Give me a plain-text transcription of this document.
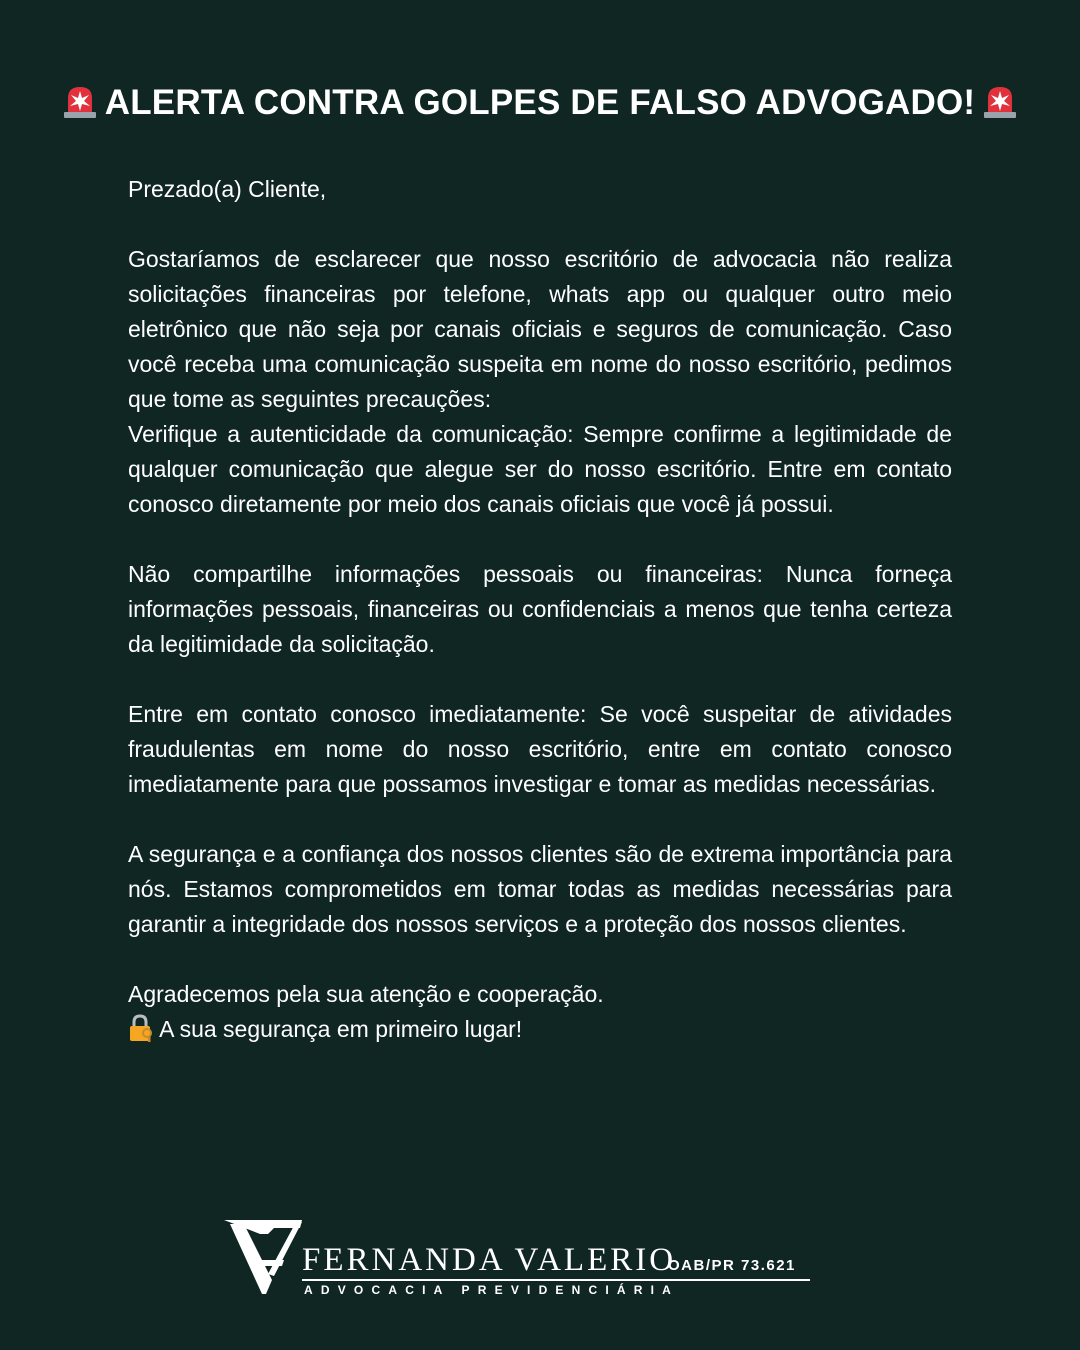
ALERTA CONTRA GOLPES DE FALSO ADVOGADO!

Prezado(a) Cliente,

Gostaríamos de esclarecer que nosso escritório de advocacia não realiza solicitações financeiras por telefone, whats app ou qualquer outro meio eletrônico que não seja por canais oficiais e seguros de comunicação. Caso você receba uma comunicação suspeita em nome do nosso escritório, pedimos que tome as seguintes precauções:

Verifique a autenticidade da comunicação: Sempre confirme a legitimidade de qualquer comunicação que alegue ser do nosso escritório. Entre em contato conosco diretamente por meio dos canais oficiais que você já possui.

Não compartilhe informações pessoais ou financeiras: Nunca forneça informações pessoais, financeiras ou confidenciais a menos que tenha certeza da legitimidade da solicitação.

Entre em contato conosco imediatamente: Se você suspeitar de atividades fraudulentas em nome do nosso escritório, entre em contato conosco imediatamente para que possamos investigar e tomar as medidas necessárias.

A segurança e a confiança dos nossos clientes são de extrema importância para nós. Estamos comprometidos em tomar todas as medidas necessárias para garantir a integridade dos nossos serviços e a proteção dos nossos clientes.

Agradecemos pela sua atenção e cooperação.

A sua segurança em primeiro lugar!

FERNANDA VALERIO
OAB/PR 73.621
ADVOCACIA PREVIDENCIÁRIA
